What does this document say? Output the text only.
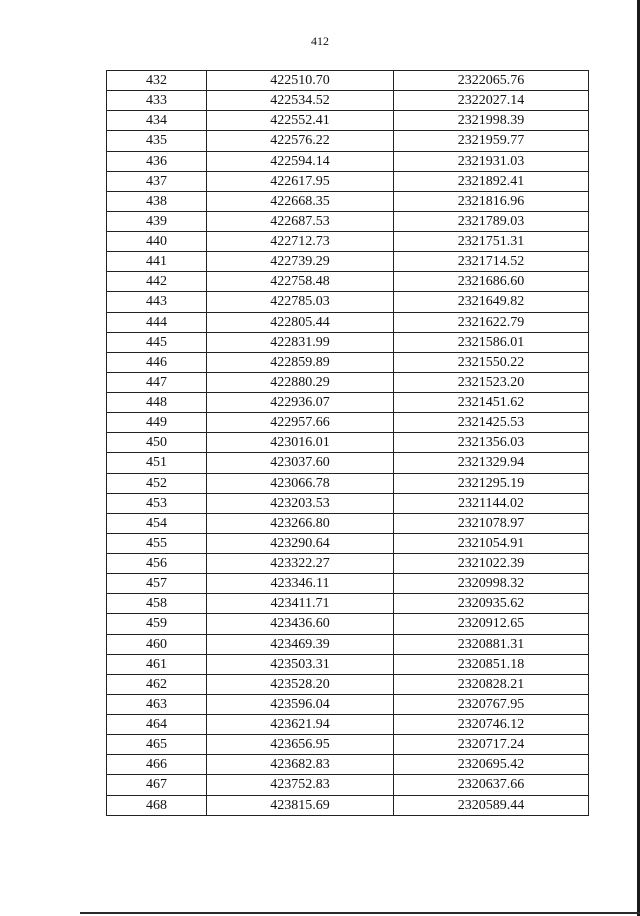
412
432	422510.70	2322065.76
433	422534.52	2322027.14
434	422552.41	2321998.39
435	422576.22	2321959.77
436	422594.14	2321931.03
437	422617.95	2321892.41
438	422668.35	2321816.96
439	422687.53	2321789.03
440	422712.73	2321751.31
441	422739.29	2321714.52
442	422758.48	2321686.60
443	422785.03	2321649.82
444	422805.44	2321622.79
445	422831.99	2321586.01
446	422859.89	2321550.22
447	422880.29	2321523.20
448	422936.07	2321451.62
449	422957.66	2321425.53
450	423016.01	2321356.03
451	423037.60	2321329.94
452	423066.78	2321295.19
453	423203.53	2321144.02
454	423266.80	2321078.97
455	423290.64	2321054.91
456	423322.27	2321022.39
457	423346.11	2320998.32
458	423411.71	2320935.62
459	423436.60	2320912.65
460	423469.39	2320881.31
461	423503.31	2320851.18
462	423528.20	2320828.21
463	423596.04	2320767.95
464	423621.94	2320746.12
465	423656.95	2320717.24
466	423682.83	2320695.42
467	423752.83	2320637.66
468	423815.69	2320589.44
